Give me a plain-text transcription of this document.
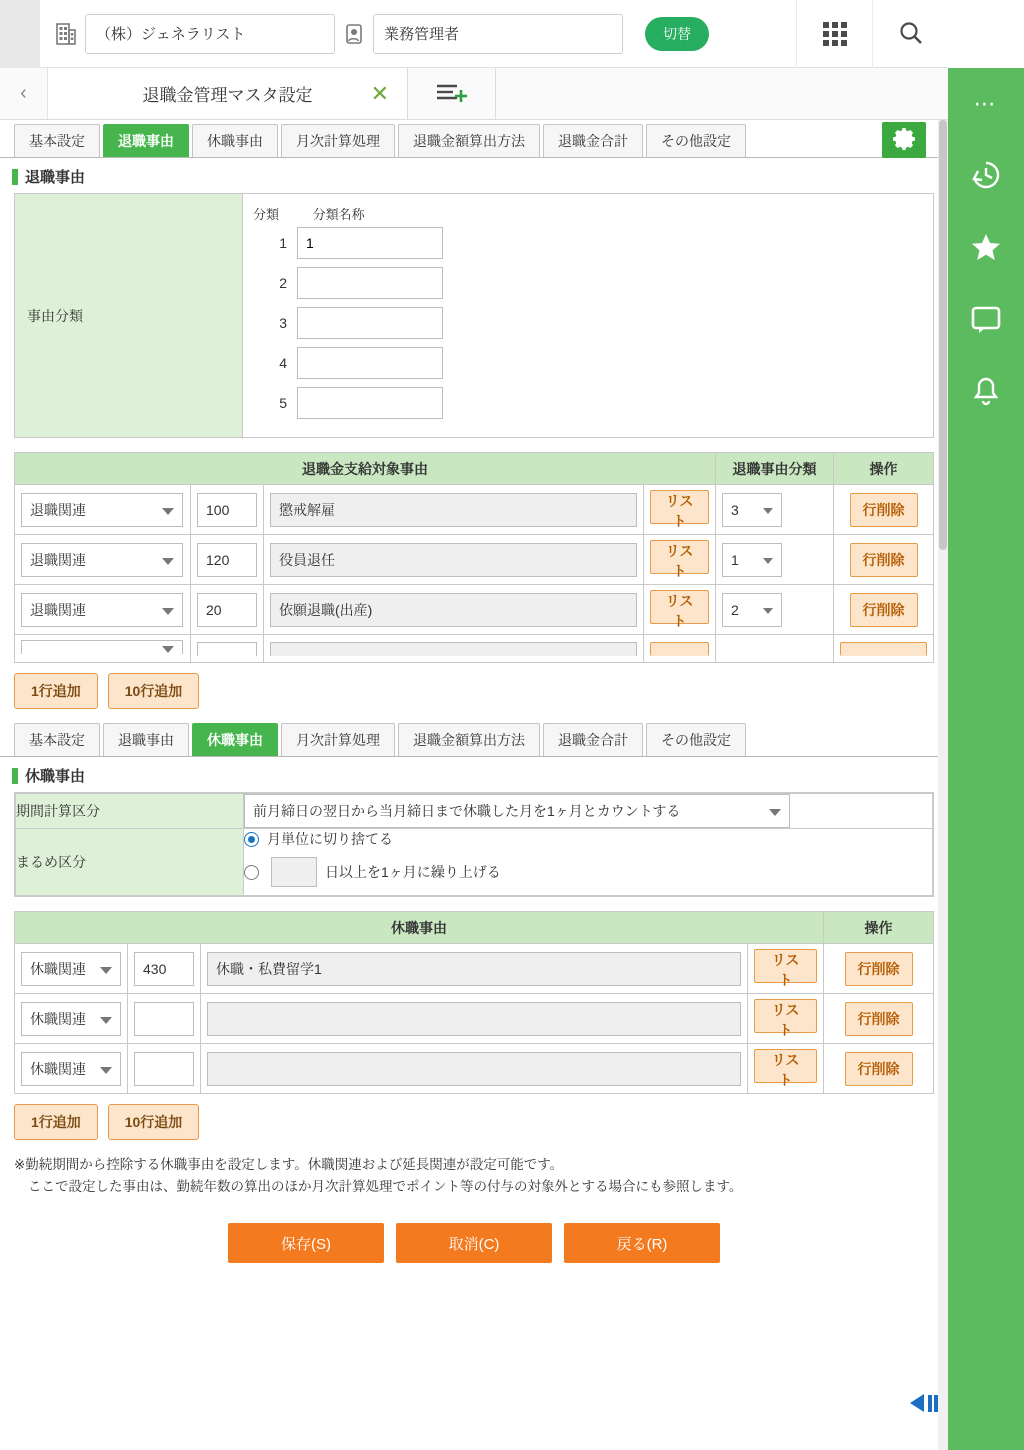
（株）ジェネラリスト
業務管理者
切替
‹	退職金管理マスタ設定	✕
基本設定	退職事由	休職事由	月次計算処理	退職金額算出方法	退職金合計	その他設定
退職事由
事由分類
分類	分類名称
1
1
2
3
4
5
退職金支給対象事由				退職事由分類	操作
退職関連	100	懲戒解雇	リスト	3	行削除
退職関連	120	役員退任	リスト	1	行削除
退職関連	20	依願退職(出産)	リスト	2	行削除

1行追加	10行追加
基本設定	退職事由	休職事由	月次計算処理	退職金額算出方法	退職金合計	その他設定
休職事由
期間計算区分	前月締日の翌日から当月締日まで休職した月を1ヶ月とカウントする
まるめ区分	月単位に切り捨てる
日以上を1ヶ月に繰り上げる
休職事由				操作
休職関連	430	休職・私費留学1	リスト	行削除
休職関連			リスト	行削除
休職関連			リスト	行削除
1行追加	10行追加
※勤続期間から控除する休職事由を設定します。休職関連および延長関連が設定可能です。
ここで設定した事由は、勤続年数の算出のほか月次計算処理でポイント等の付与の対象外とする場合にも参照します。
保存(S)	取消(C)	戻る(R)
⋯
